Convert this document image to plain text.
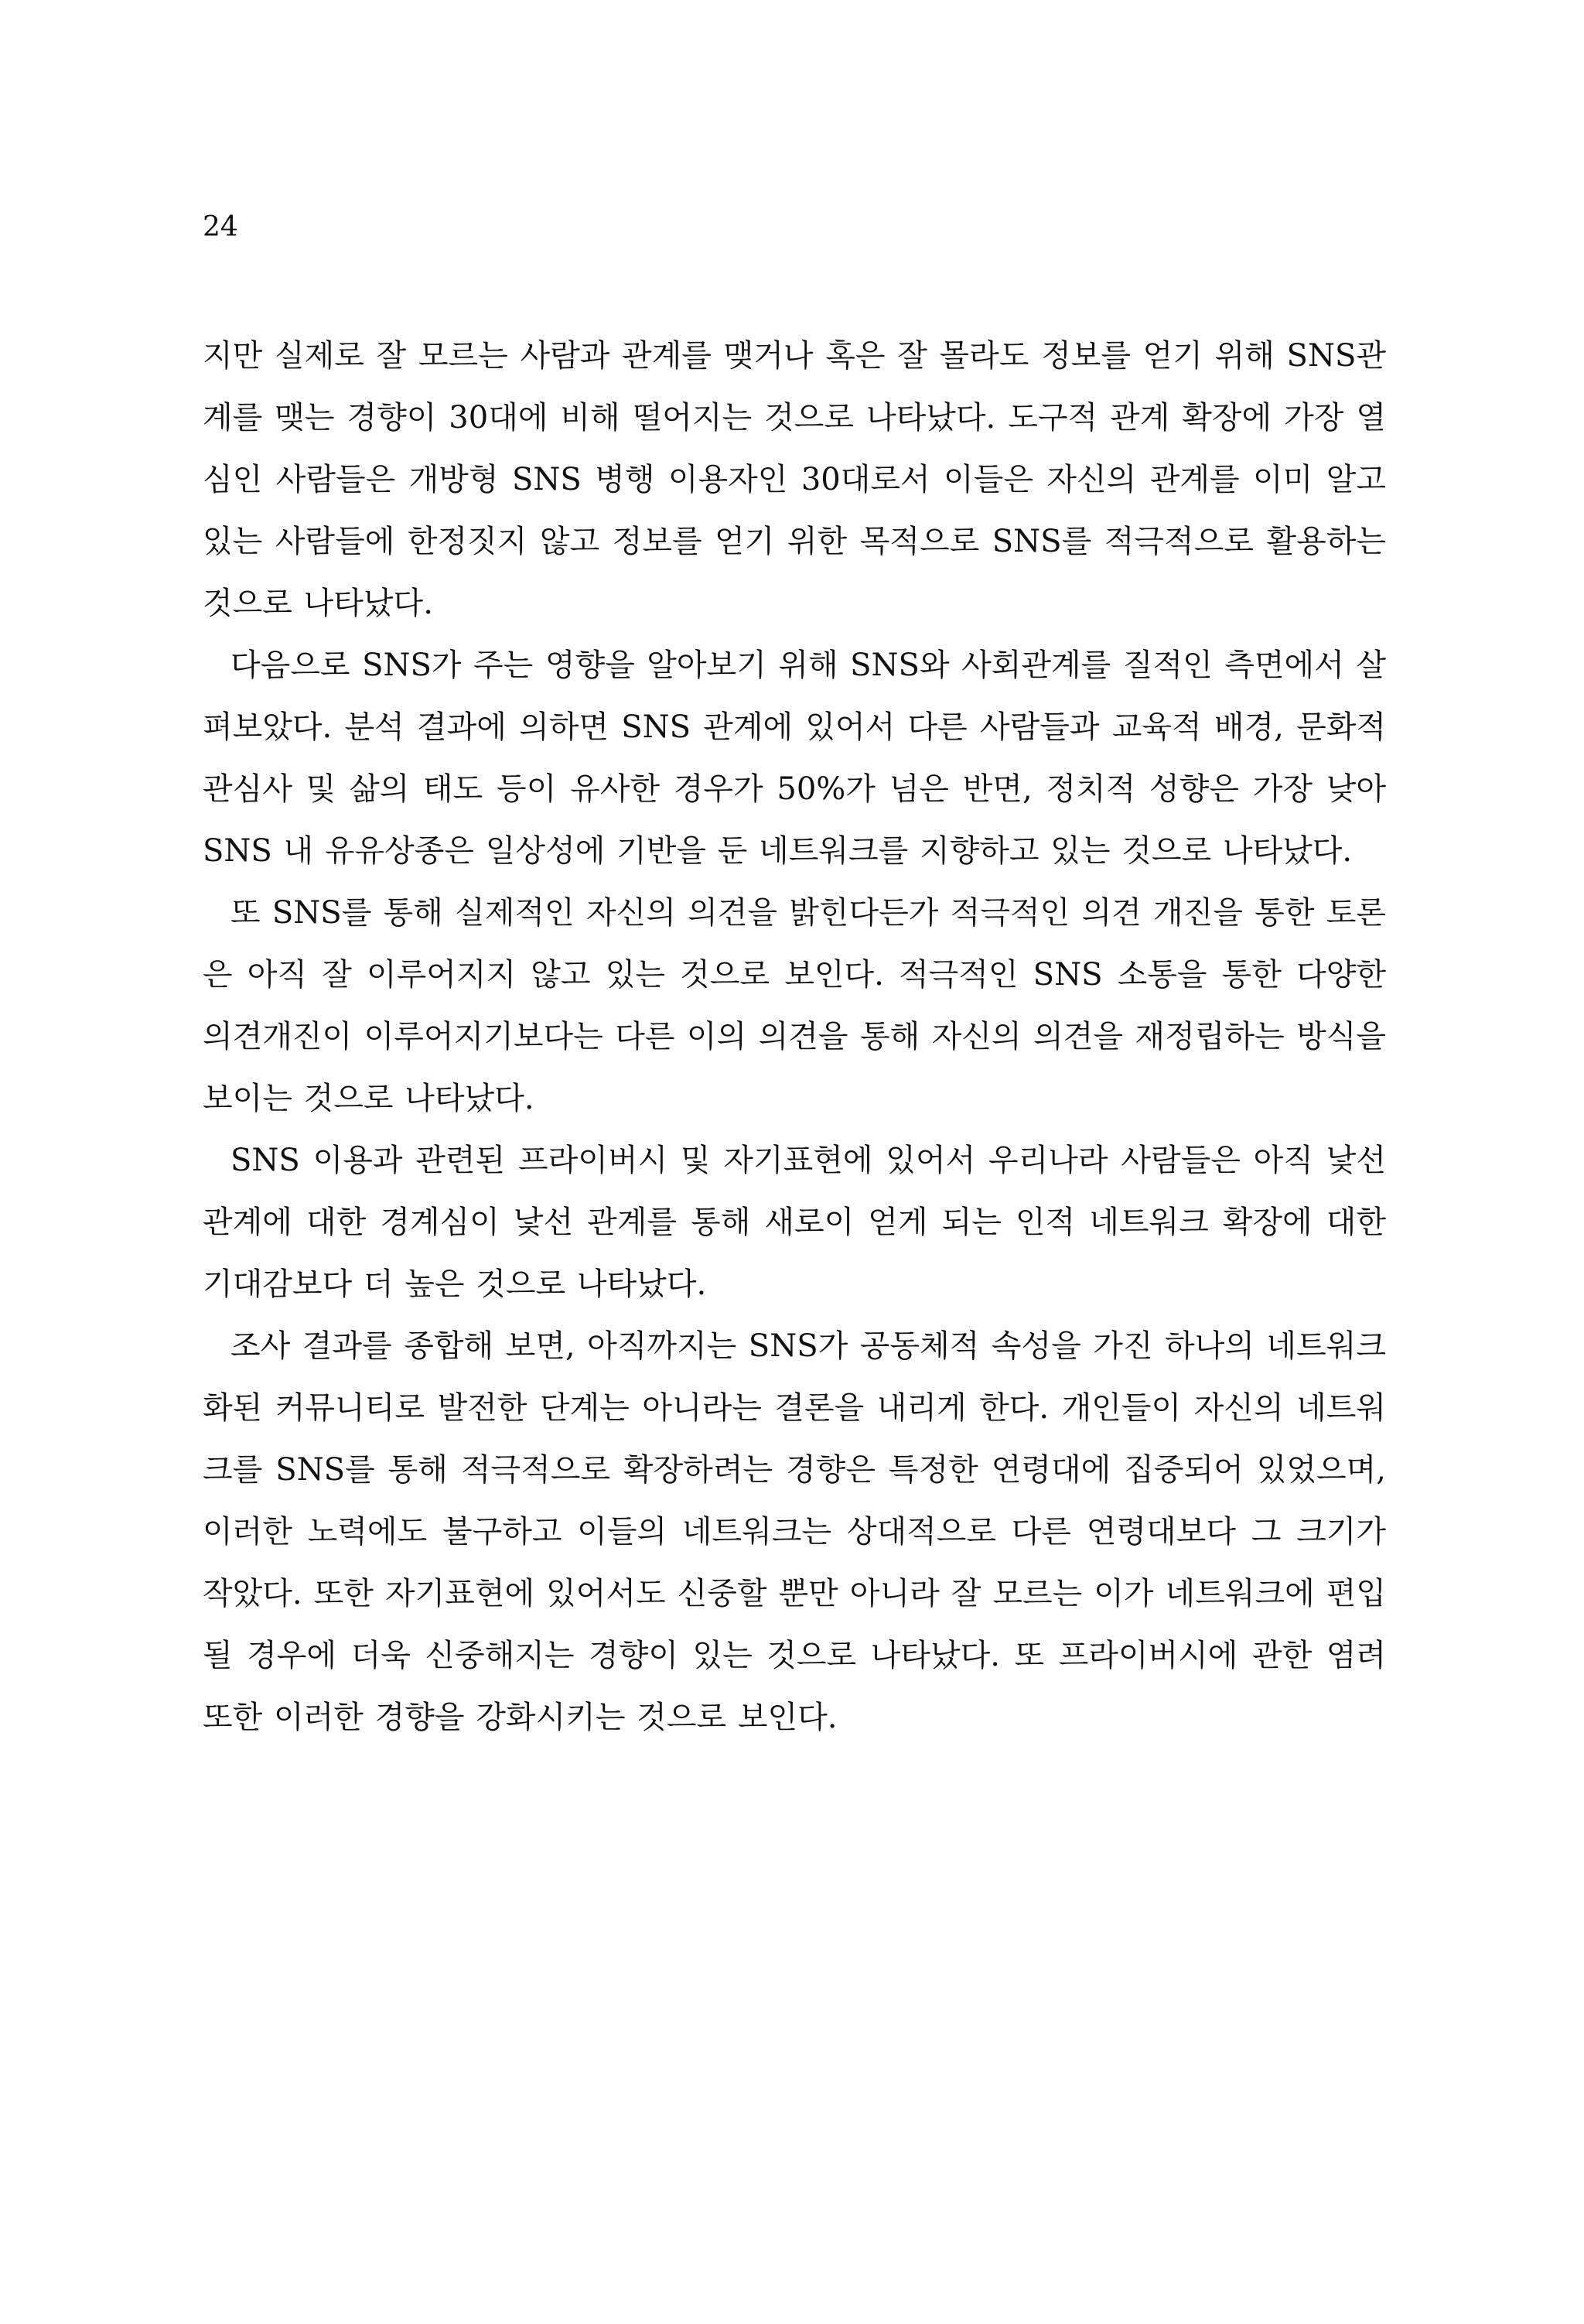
24

지만 실제로 잘 모르는 사람과 관계를 맺거나 혹은 잘 몰라도 정보를 얻기 위해 SNS관계를 맺는 경향이 30대에 비해 떨어지는 것으로 나타났다. 도구적 관계 확장에 가장 열심인 사람들은 개방형 SNS 병행 이용자인 30대로서 이들은 자신의 관계를 이미 알고 있는 사람들에 한정짓지 않고 정보를 얻기 위한 목적으로 SNS를 적극적으로 활용하는 것으로 나타났다.

다음으로 SNS가 주는 영향을 알아보기 위해 SNS와 사회관계를 질적인 측면에서 살펴보았다. 분석 결과에 의하면 SNS 관계에 있어서 다른 사람들과 교육적 배경, 문화적 관심사 및 삶의 태도 등이 유사한 경우가 50%가 넘은 반면, 정치적 성향은 가장 낮아 SNS 내 유유상종은 일상성에 기반을 둔 네트워크를 지향하고 있는 것으로 나타났다.

또 SNS를 통해 실제적인 자신의 의견을 밝힌다든가 적극적인 의견 개진을 통한 토론은 아직 잘 이루어지지 않고 있는 것으로 보인다. 적극적인 SNS 소통을 통한 다양한 의견개진이 이루어지기보다는 다른 이의 의견을 통해 자신의 의견을 재정립하는 방식을 보이는 것으로 나타났다.

SNS 이용과 관련된 프라이버시 및 자기표현에 있어서 우리나라 사람들은 아직 낯선 관계에 대한 경계심이 낯선 관계를 통해 새로이 얻게 되는 인적 네트워크 확장에 대한 기대감보다 더 높은 것으로 나타났다.

조사 결과를 종합해 보면, 아직까지는 SNS가 공동체적 속성을 가진 하나의 네트워크화된 커뮤니티로 발전한 단계는 아니라는 결론을 내리게 한다. 개인들이 자신의 네트워크를 SNS를 통해 적극적으로 확장하려는 경향은 특정한 연령대에 집중되어 있었으며, 이러한 노력에도 불구하고 이들의 네트워크는 상대적으로 다른 연령대보다 그 크기가 작았다. 또한 자기표현에 있어서도 신중할 뿐만 아니라 잘 모르는 이가 네트워크에 편입될 경우에 더욱 신중해지는 경향이 있는 것으로 나타났다. 또 프라이버시에 관한 염려 또한 이러한 경향을 강화시키는 것으로 보인다.
